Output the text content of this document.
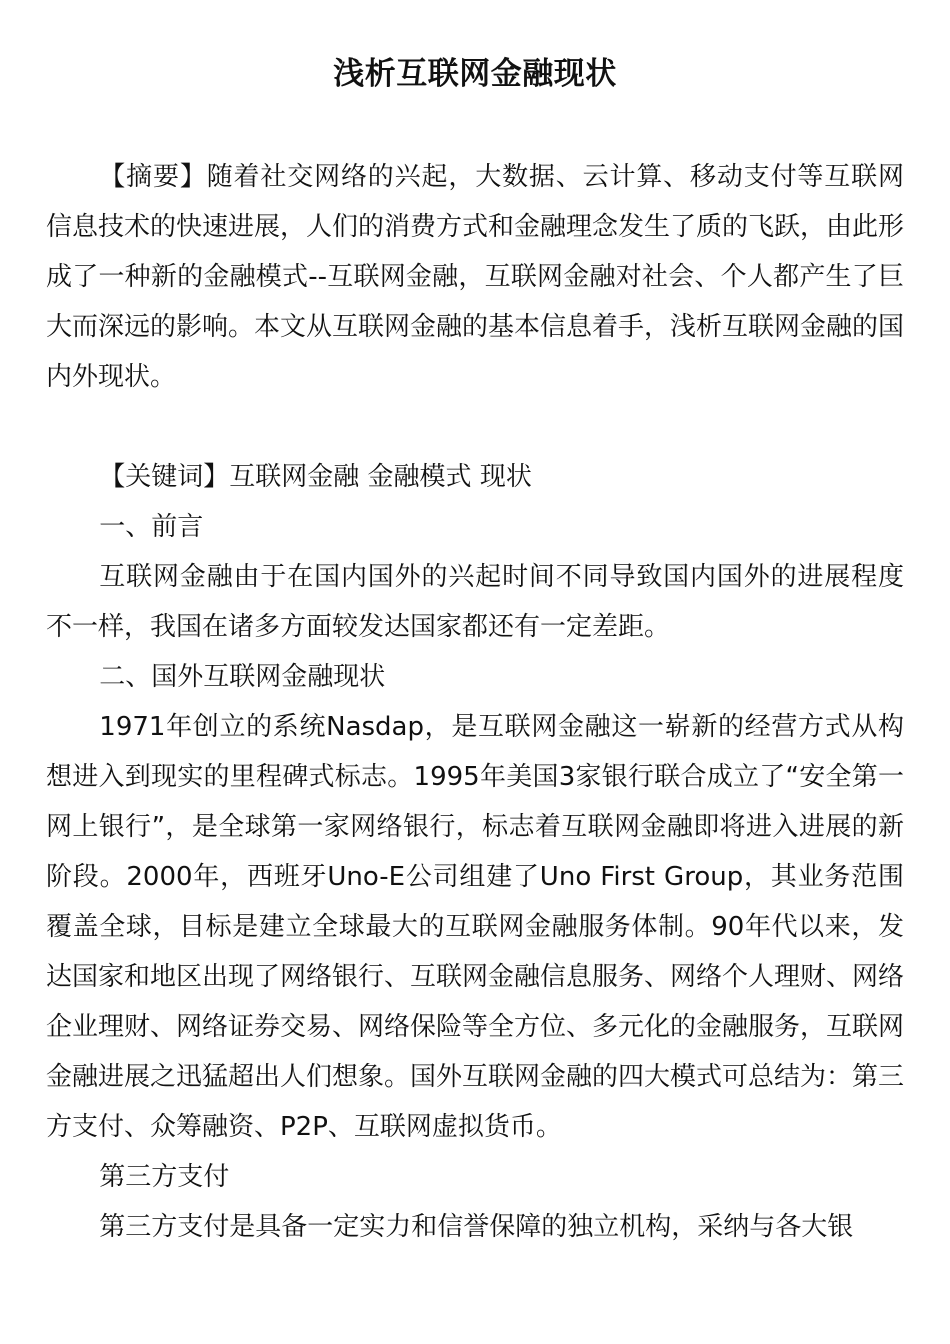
浅析互联网金融现状

【摘要】随着社交网络的兴起，大数据、云计算、移动支付等互联网信息技术的快速进展，人们的消费方式和金融理念发生了质的飞跃，由此形成了一种新的金融模式--互联网金融，互联网金融对社会、个人都产生了巨大而深远的影响。本文从互联网金融的基本信息着手，浅析互联网金融的国内外现状。

【关键词】互联网金融 金融模式 现状

一、前言

互联网金融由于在国内国外的兴起时间不同导致国内国外的进展程度不一样，我国在诸多方面较发达国家都还有一定差距。

二、国外互联网金融现状

1971年创立的系统Nasdap，是互联网金融这一崭新的经营方式从构想进入到现实的里程碑式标志。1995年美国3家银行联合成立了“安全第一网上银行”，是全球第一家网络银行，标志着互联网金融即将进入进展的新阶段。2000年，西班牙Uno-E公司组建了Uno First Group，其业务范围覆盖全球，目标是建立全球最大的互联网金融服务体制。90年代以来，发达国家和地区出现了网络银行、互联网金融信息服务、网络个人理财、网络企业理财、网络证券交易、网络保险等全方位、多元化的金融服务，互联网金融进展之迅猛超出人们想象。国外互联网金融的四大模式可总结为：第三方支付、众筹融资、P2P、互联网虚拟货币。

第三方支付

第三方支付是具备一定实力和信誉保障的独立机构，采纳与各大银
